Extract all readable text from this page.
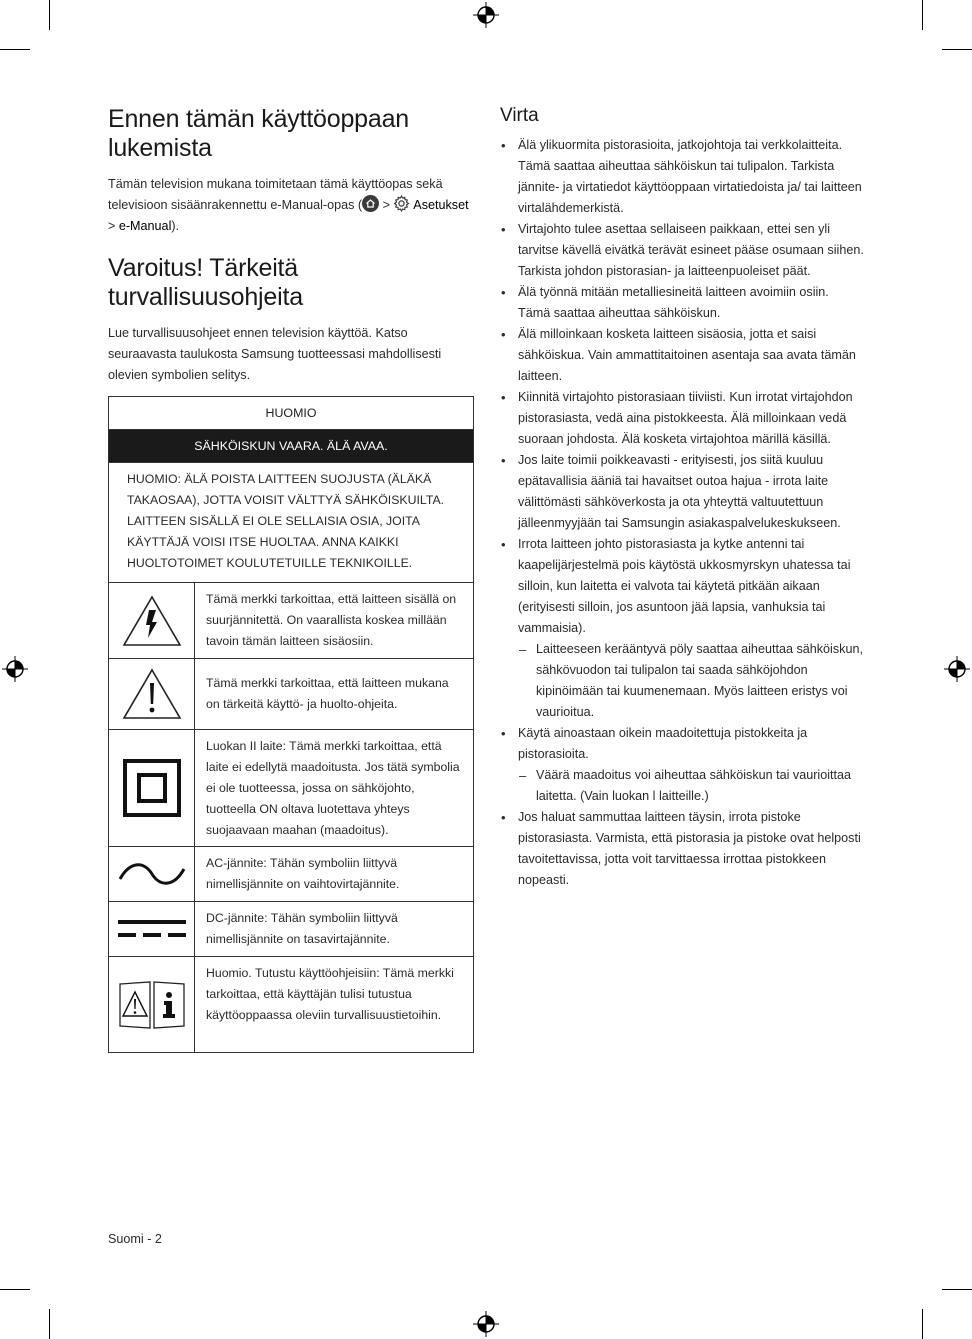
Ennen tämän käyttöoppaan lukemista

Tämän television mukana toimitetaan tämä käyttöopas sekä televisioon sisäänrakennettu e-Manual-opas ( >  Asetukset
> e-Manual).

Varoitus! Tärkeitä turvallisuusohjeita

Lue turvallisuusohjeet ennen television käyttöä. Katso seuraavasta taulukosta Samsung tuotteessasi mahdollisesti olevien symbolien selitys.

HUOMIO
SÄHKÖISKUN VAARA. ÄLÄ AVAA.
HUOMIO: ÄLÄ POISTA LAITTEEN SUOJUSTA (ÄLÄKÄ TAKAOSAA), JOTTA VOISIT VÄLTTYÄ SÄHKÖISKUILTA. LAITTEEN SISÄLLÄ EI OLE SELLAISIA OSIA, JOITA KÄYTTÄJÄ VOISI ITSE HUOLTAA. ANNA KAIKKI HUOLTOTOIMET KOULUTETUILLE TEKNIKOILLE.
Tämä merkki tarkoittaa, että laitteen sisällä on suurjännitettä. On vaarallista koskea millään tavoin tämän laitteen sisäosiin.
Tämä merkki tarkoittaa, että laitteen mukana on tärkeitä käyttö- ja huolto-ohjeita.
Luokan II laite: Tämä merkki tarkoittaa, että laite ei edellytä maadoitusta. Jos tätä symbolia ei ole tuotteessa, jossa on sähköjohto, tuotteella ON oltava luotettava yhteys suojaavaan maahan (maadoitus).
AC-jännite: Tähän symboliin liittyvä nimellisjännite on vaihtovirtajännite.
DC-jännite: Tähän symboliin liittyvä nimellisjännite on tasavirtajännite.
Huomio. Tutustu käyttöohjeisiin: Tämä merkki tarkoittaa, että käyttäjän tulisi tutustua käyttöoppaassa oleviin turvallisuustietoihin.
Virta
• Älä ylikuormita pistorasioita, jatkojohtoja tai verkkolaitteita. Tämä saattaa aiheuttaa sähköiskun tai tulipalon. Tarkista jännite- ja virtatiedot käyttöoppaan virtatiedoista ja/ tai laitteen virtalähdemerkistä.
• Virtajohto tulee asettaa sellaiseen paikkaan, ettei sen yli tarvitse kävellä eivätkä terävät esineet pääse osumaan siihen. Tarkista johdon pistorasian- ja laitteenpuoleiset päät.
• Älä työnnä mitään metalliesineitä laitteen avoimiin osiin. Tämä saattaa aiheuttaa sähköiskun.
• Älä milloinkaan kosketa laitteen sisäosia, jotta et saisi sähköiskua. Vain ammattitaitoinen asentaja saa avata tämän laitteen.
• Kiinnitä virtajohto pistorasiaan tiiviisti. Kun irrotat virtajohdon pistorasiasta, vedä aina pistokkeesta. Älä milloinkaan vedä suoraan johdosta. Älä kosketa virtajohtoa märillä käsillä.
• Jos laite toimii poikkeavasti - erityisesti, jos siitä kuuluu epätavallisia ääniä tai havaitset outoa hajua - irrota laite välittömästi sähköverkosta ja ota yhteyttä valtuutettuun jälleenmyyjään tai Samsungin asiakaspalvelukeskukseen.
• Irrota laitteen johto pistorasiasta ja kytke antenni tai kaapelijärjestelmä pois käytöstä ukkosmyrskyn uhatessa tai silloin, kun laitetta ei valvota tai käytetä pitkään aikaan (erityisesti silloin, jos asuntoon jää lapsia, vanhuksia tai vammaisia).
– Laitteeseen kerääntyvä pöly saattaa aiheuttaa sähköiskun, sähkövuodon tai tulipalon tai saada sähköjohdon kipinöimään tai kuumenemaan. Myös laitteen eristys voi vaurioitua.
• Käytä ainoastaan oikein maadoitettuja pistokkeita ja pistorasioita.
– Väärä maadoitus voi aiheuttaa sähköiskun tai vaurioittaa laitetta. (Vain luokan l laitteille.)
• Jos haluat sammuttaa laitteen täysin, irrota pistoke pistorasiasta. Varmista, että pistorasia ja pistoke ovat helposti tavoitettavissa, jotta voit tarvittaessa irrottaa pistokkeen nopeasti.
Suomi - 2
